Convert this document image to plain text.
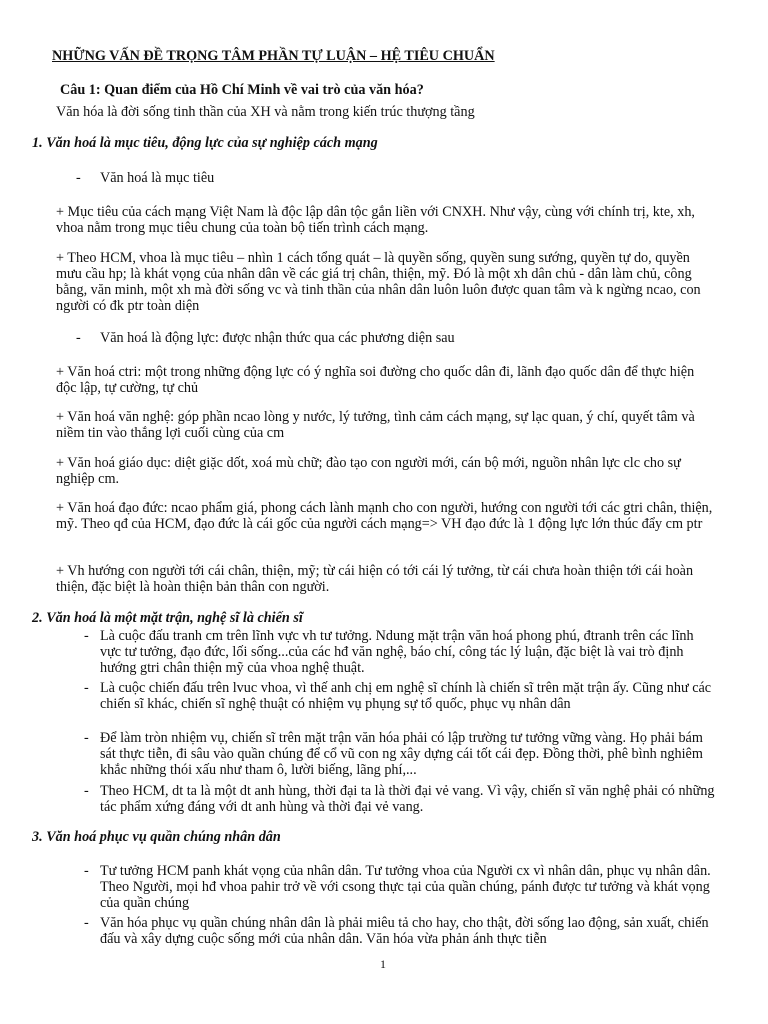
NHỮNG VẤN ĐỀ TRỌNG TÂM PHẦN TỰ LUẬN – HỆ TIÊU CHUẨN
Câu 1: Quan điểm của Hồ Chí Minh về vai trò của văn hóa?
Văn hóa là đời sống tinh thần của XH và nằm trong kiến trúc thượng tầng
1. Văn hoá là mục tiêu, động lực của sự nghiệp cách mạng
- Văn hoá là mục tiêu
+ Mục tiêu của cách mạng Việt Nam là độc lập dân tộc gắn liền với CNXH. Như vậy, cùng với chính trị, kte, xh, vhoa nằm trong mục tiêu chung của toàn bộ tiến trình cách mạng.
+ Theo HCM, vhoa là mục tiêu – nhìn 1 cách tổng quát – là quyền sống, quyền sung sướng, quyền tự do, quyền mưu cầu hp; là khát vọng của nhân dân về các giá trị chân, thiện, mỹ. Đó là một xh dân chủ - dân làm chủ, công bằng, văn minh, một xh mà đời sống vc và tinh thần của nhân dân luôn luôn được quan tâm và k ngừng ncao, con người có đk ptr toàn diện
- Văn hoá là động lực: được nhận thức qua các phương diện sau
+ Văn hoá ctri: một trong những động lực có ý nghĩa soi đường cho quốc dân đi, lãnh đạo quốc dân để thực hiện độc lập, tự cường, tự chủ
+ Văn hoá văn nghệ: góp phần ncao lòng y nước, lý tưởng, tình cảm cách mạng, sự lạc quan, ý chí, quyết tâm và niềm tin vào thắng lợi cuối cùng của cm
+ Văn hoá giáo dục: diệt giặc dốt, xoá mù chữ; đào tạo con người mới, cán bộ mới, nguồn nhân lực clc cho sự nghiệp cm.
+ Văn hoá đạo đức: ncao phẩm giá, phong cách lành mạnh cho con người, hướng con người tới các gtri chân, thiện, mỹ. Theo qđ của HCM, đạo đức là cái gốc của người cách mạng=> VH đạo đức là 1 động lực lớn thúc đẩy cm ptr
+ Vh hướng con người tới cái chân, thiện, mỹ; từ cái hiện có tới cái lý tưởng, từ cái chưa hoàn thiện tới cái hoàn thiện, đặc biệt là hoàn thiện bản thân con người.
2. Văn hoá là một mặt trận, nghệ sĩ là chiến sĩ
- Là cuộc đấu tranh cm trên lĩnh vực vh tư tưởng. Ndung mặt trận văn hoá phong phú, đtranh trên các lĩnh vực tư tưởng, đạo đức, lối sống...của các hđ văn nghệ, báo chí, công tác lý luận, đặc biệt là vai trò định hướng gtri chân thiện mỹ của vhoa nghệ thuật.
- Là cuộc chiến đấu trên lvuc vhoa, vì thế anh chị em nghệ sĩ chính là chiến sĩ trên mặt trận ấy. Cũng như các chiến sĩ khác, chiến sĩ nghệ thuật có nhiệm vụ phụng sự tổ quốc, phục vụ nhân dân
- Để làm tròn nhiệm vụ, chiến sĩ trên mặt trận văn hóa phải có lập trường tư tưởng vững vàng. Họ phải bám sát thực tiễn, đi sâu vào quần chúng để cổ vũ con ng xây dựng cái tốt cái đẹp. Đồng thời, phê bình nghiêm khắc những thói xấu như tham ô, lười biếng, lãng phí,...
- Theo HCM, dt ta là một dt anh hùng, thời đại ta là thời đại vẻ vang. Vì vậy, chiến sĩ văn nghệ phải có những tác phẩm xứng đáng với dt anh hùng và thời đại vẻ vang.
3. Văn hoá phục vụ quần chúng nhân dân
- Tư tưởng HCM panh khát vọng của nhân dân. Tư tưởng vhoa của Người cx vì nhân dân, phục vụ nhân dân. Theo Người, mọi hđ vhoa pahir trở về với csong thực tại của quần chúng, pánh được tư tưởng và khát vọng của quần chúng
- Văn hóa phục vụ quần chúng nhân dân là phải miêu tả cho hay, cho thật, đời sống lao động, sản xuất, chiến đấu và xây dựng cuộc sống mới của nhân dân. Văn hóa vừa phản ánh thực tiễn
1
